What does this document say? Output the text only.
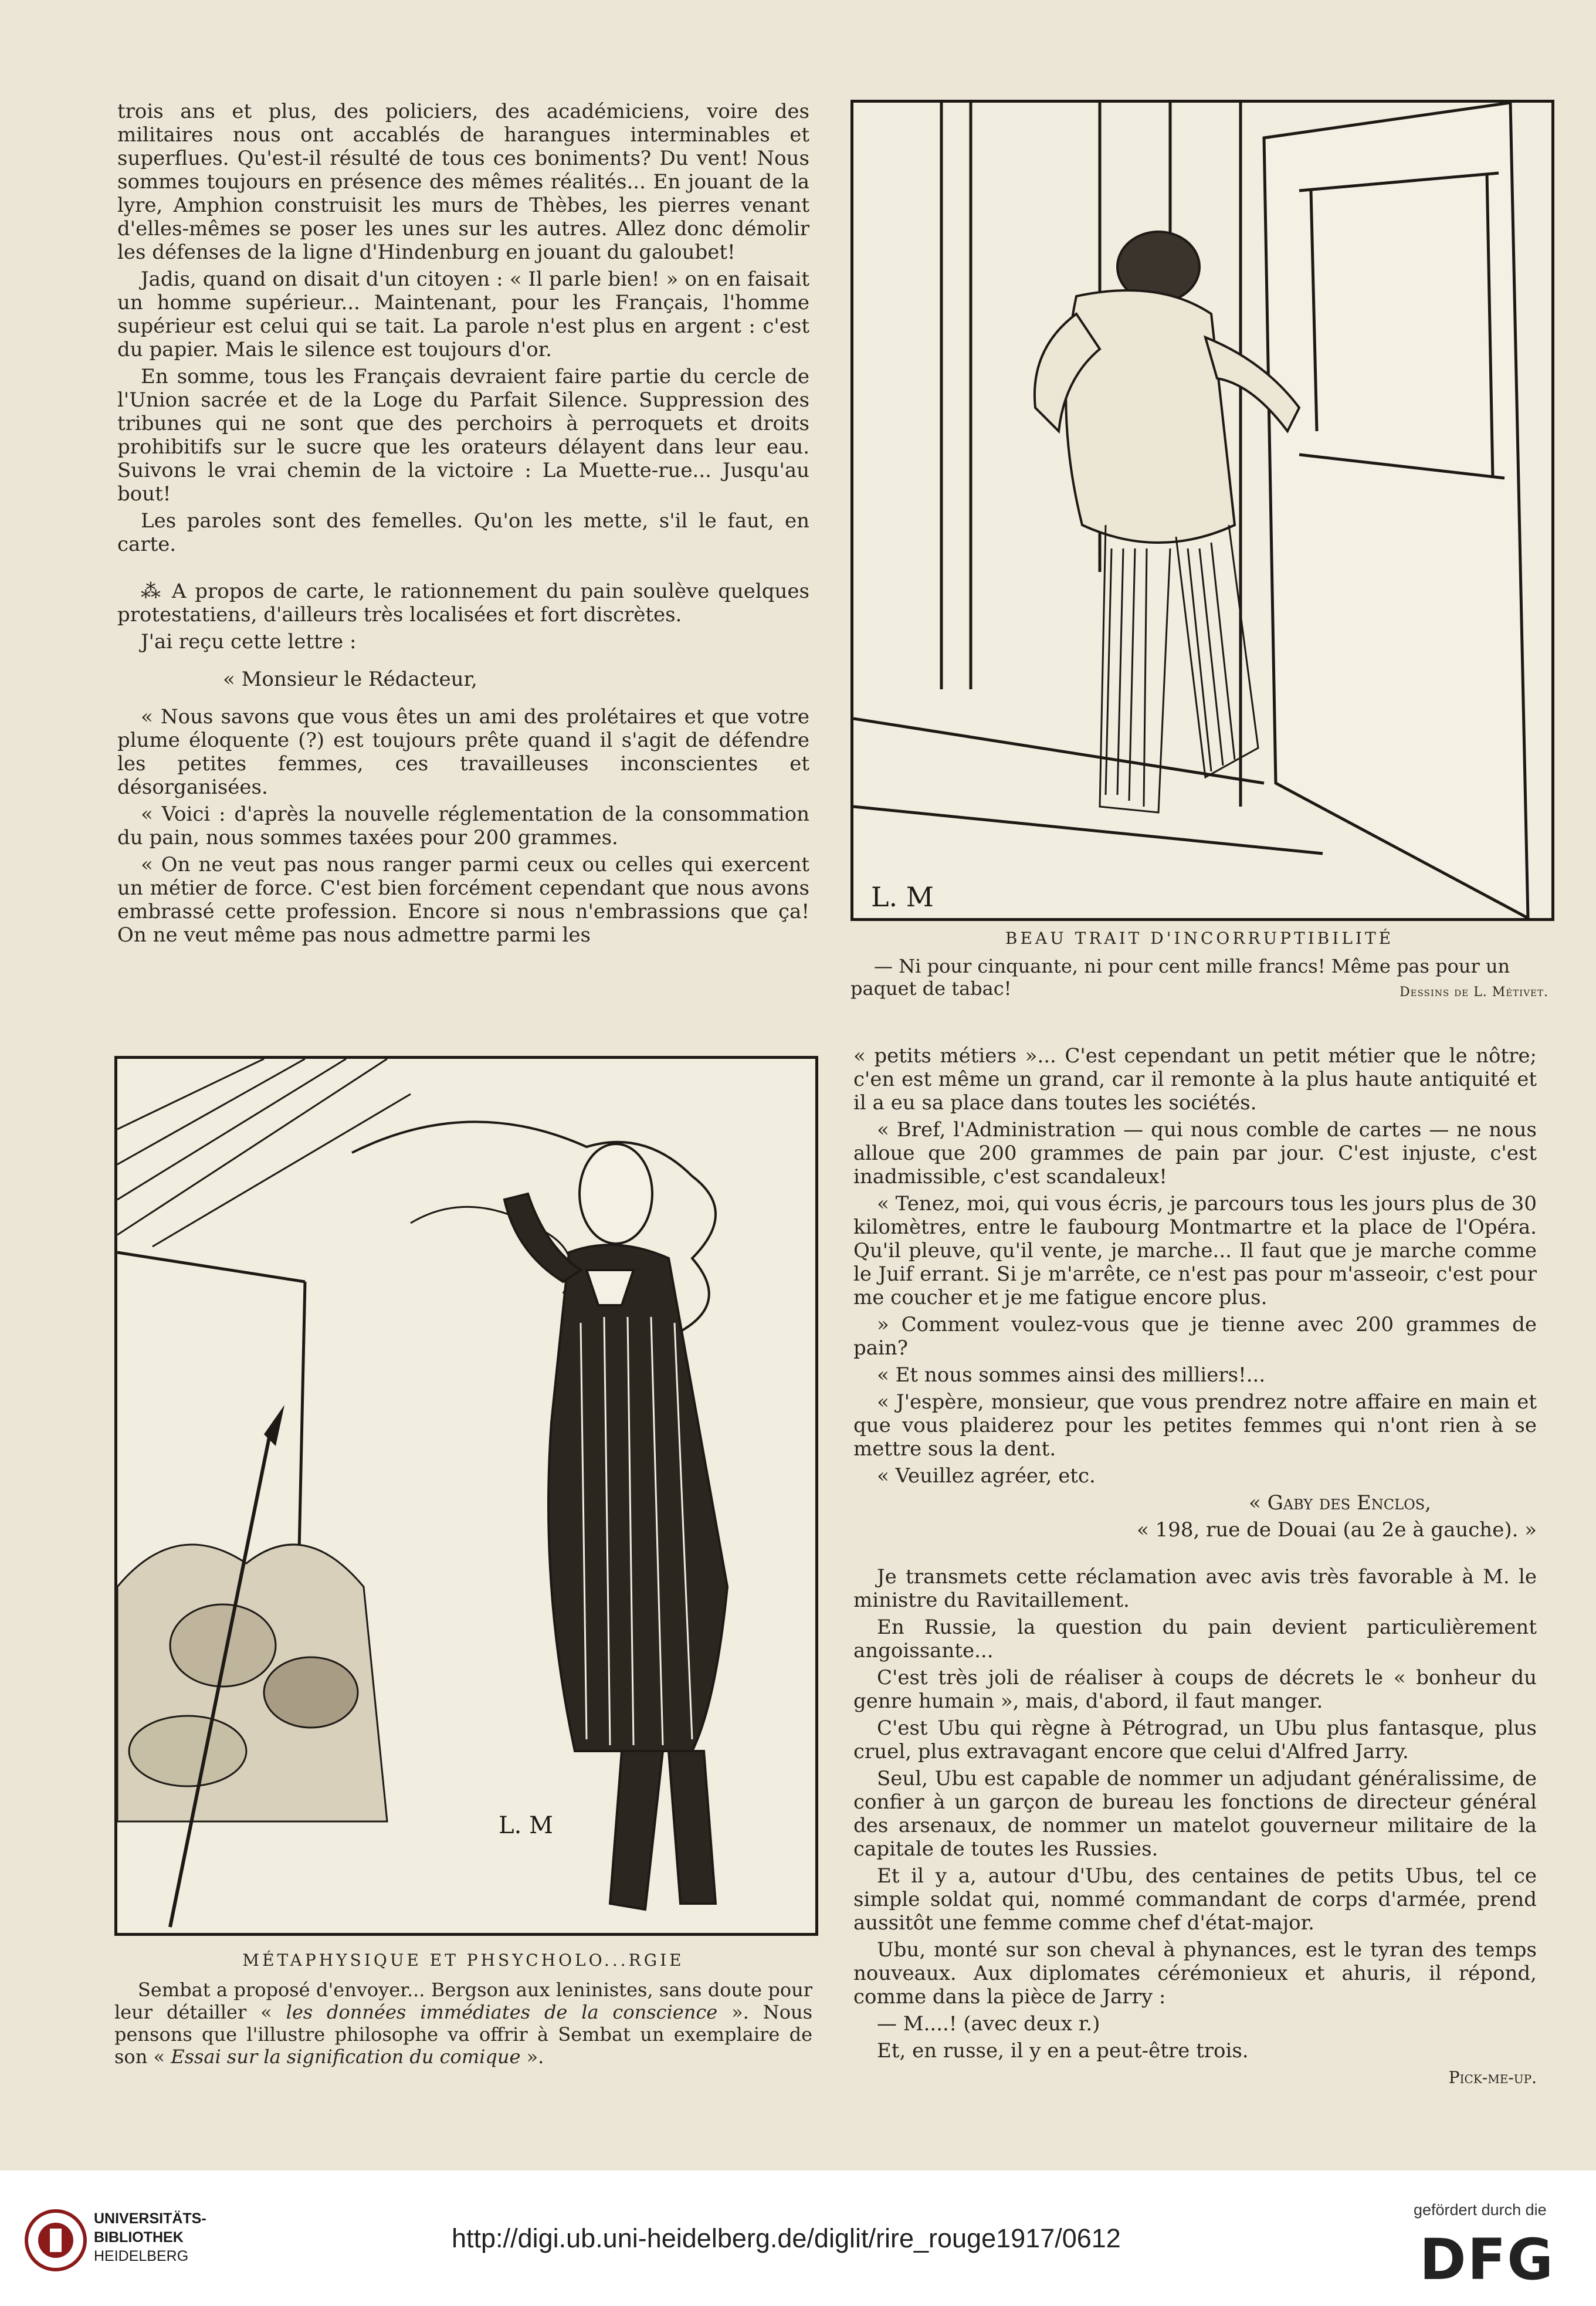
trois ans et plus, des policiers, des académiciens, voire des militaires nous ont accablés de harangues interminables et superflues. Qu'est-il résulté de tous ces boniments? Du vent! Nous sommes toujours en présence des mêmes réalités... En jouant de la lyre, Amphion construisit les murs de Thèbes, les pierres venant d'elles-mêmes se poser les unes sur les autres. Allez donc démolir les défenses de la ligne d'Hindenburg en jouant du galoubet!

Jadis, quand on disait d'un citoyen : « Il parle bien! » on en faisait un homme supérieur... Maintenant, pour les Français, l'homme supérieur est celui qui se tait. La parole n'est plus en argent : c'est du papier. Mais le silence est toujours d'or.

En somme, tous les Français devraient faire partie du cercle de l'Union sacrée et de la Loge du Parfait Silence. Suppression des tribunes qui ne sont que des perchoirs à perroquets et droits prohibitifs sur le sucre que les orateurs délayent dans leur eau. Suivons le vrai chemin de la victoire : La Muette-rue... Jusqu'au bout!

Les paroles sont des femelles. Qu'on les mette, s'il le faut, en carte.

⁂ A propos de carte, le rationnement du pain soulève quelques protestatiens, d'ailleurs très localisées et fort discrètes.

J'ai reçu cette lettre :

« Monsieur le Rédacteur,

« Nous savons que vous êtes un ami des prolétaires et que votre plume éloquente (?) est toujours prête quand il s'agit de défendre les petites femmes, ces travailleuses inconscientes et désorganisées.

« Voici : d'après la nouvelle réglementation de la consommation du pain, nous sommes taxées pour 200 grammes.

« On ne veut pas nous ranger parmi ceux ou celles qui exercent un métier de force. C'est bien forcément cependant que nous avons embrassé cette profession. Encore si nous n'embrassions que ça! On ne veut même pas nous admettre parmi les

L. M
BEAU TRAIT D'INCORRUPTIBILITÉ

— Ni pour cinquante, ni pour cent mille francs! Même pas pour un paquet de tabac!	Dessins de L. Métivet.
L. M
MÉTAPHYSIQUE ET PHSYCHOLO...RGIE

Sembat a proposé d'envoyer... Bergson aux leninistes, sans doute pour leur détailler « les données immédiates de la conscience ». Nous pensons que l'illustre philosophe va offrir à Sembat un exemplaire de son « Essai sur la signification du comique ».

« petits métiers »... C'est cependant un petit métier que le nôtre; c'en est même un grand, car il remonte à la plus haute antiquité et il a eu sa place dans toutes les sociétés.

« Bref, l'Administration — qui nous comble de cartes — ne nous alloue que 200 grammes de pain par jour. C'est injuste, c'est inadmissible, c'est scandaleux!

« Tenez, moi, qui vous écris, je parcours tous les jours plus de 30 kilomètres, entre le faubourg Montmartre et la place de l'Opéra. Qu'il pleuve, qu'il vente, je marche... Il faut que je marche comme le Juif errant. Si je m'arrête, ce n'est pas pour m'asseoir, c'est pour me coucher et je me fatigue encore plus.

» Comment voulez-vous que je tienne avec 200 grammes de pain?

« Et nous sommes ainsi des milliers!...

« J'espère, monsieur, que vous prendrez notre affaire en main et que vous plaiderez pour les petites femmes qui n'ont rien à se mettre sous la dent.

« Veuillez agréer, etc.

« Gaby des Enclos,

« 198, rue de Douai (au 2e à gauche). »

Je transmets cette réclamation avec avis très favorable à M. le ministre du Ravitaillement.

En Russie, la question du pain devient particulièrement angoissante...

C'est très joli de réaliser à coups de décrets le « bonheur du genre humain », mais, d'abord, il faut manger.

C'est Ubu qui règne à Pétrograd, un Ubu plus fantasque, plus cruel, plus extravagant encore que celui d'Alfred Jarry.

Seul, Ubu est capable de nommer un adjudant généralissime, de confier à un garçon de bureau les fonctions de directeur général des arsenaux, de nommer un matelot gouverneur militaire de la capitale de toutes les Russies.

Et il y a, autour d'Ubu, des centaines de petits Ubus, tel ce simple soldat qui, nommé commandant de corps d'armée, prend aussitôt une femme comme chef d'état-major.

Ubu, monté sur son cheval à phynances, est le tyran des temps nouveaux. Aux diplomates cérémonieux et ahuris, il répond, comme dans la pièce de Jarry :

— M....! (avec deux r.)

Et, en russe, il y en a peut-être trois.

Pick-me-up.

UNIVERSITÄTS-
BIBLIOTHEK
HEIDELBERG
http://digi.ub.uni-heidelberg.de/diglit/rire_rouge1917/0612
gefördert durch die
DFG
